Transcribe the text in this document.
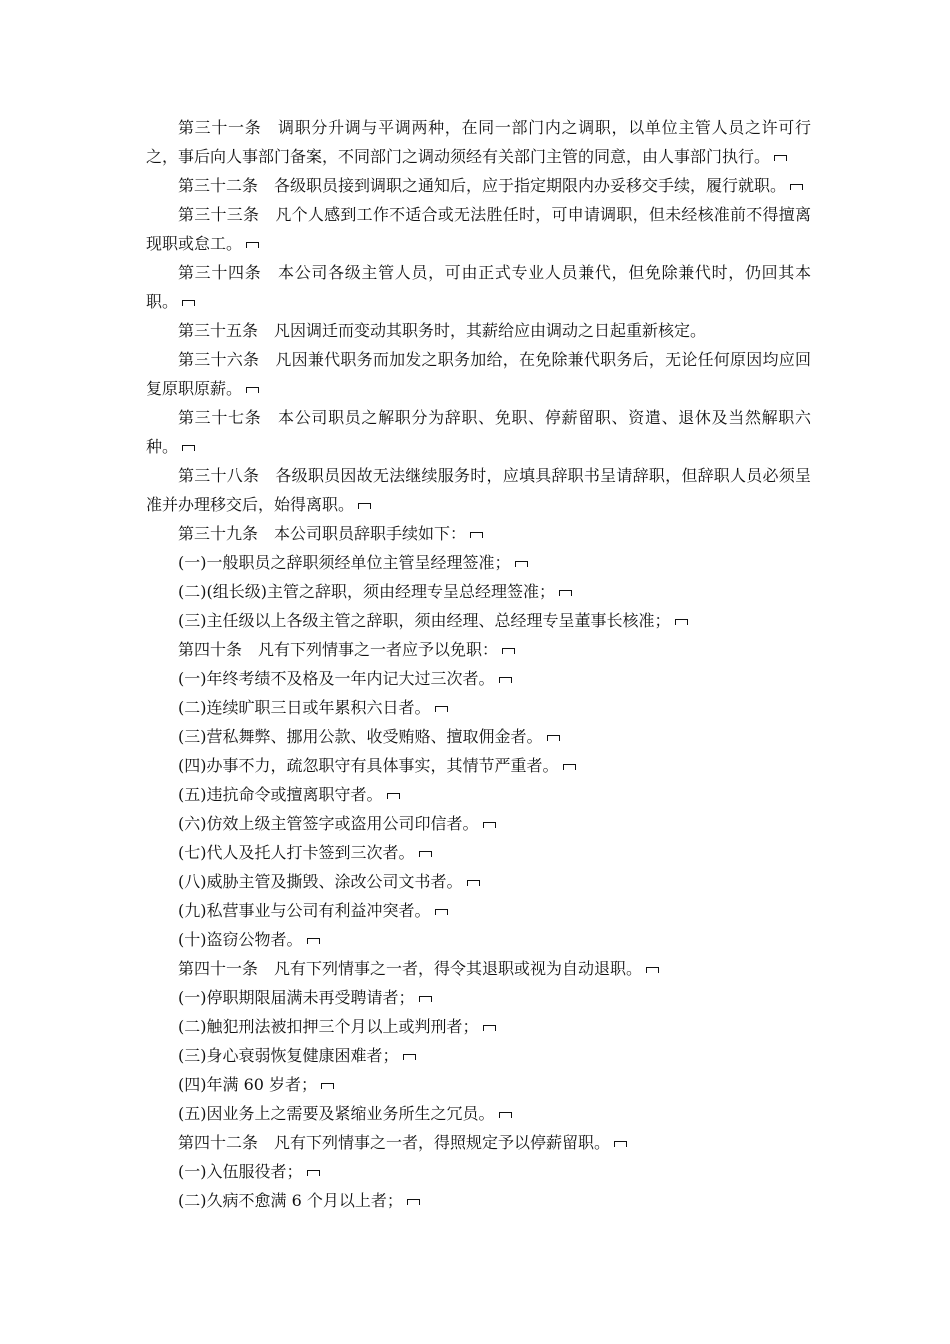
第三十一条　调职分升调与平调两种，在同一部门内之调职，以单位主管人员之许可行之，事后向人事部门备案，不同部门之调动须经有关部门主管的同意，由人事部门执行。

第三十二条　各级职员接到调职之通知后，应于指定期限内办妥移交手续，履行就职。

第三十三条　凡个人感到工作不适合或无法胜任时，可申请调职，但未经核准前不得擅离现职或怠工。

第三十四条　本公司各级主管人员，可由正式专业人员兼代，但免除兼代时，仍回其本职。

第三十五条　凡因调迁而变动其职务时，其薪给应由调动之日起重新核定。

第三十六条　凡因兼代职务而加发之职务加给，在免除兼代职务后，无论任何原因均应回复原职原薪。

第三十七条　本公司职员之解职分为辞职、免职、停薪留职、资遣、退休及当然解职六种。

第三十八条　各级职员因故无法继续服务时，应填具辞职书呈请辞职，但辞职人员必须呈准并办理移交后，始得离职。

第三十九条　本公司职员辞职手续如下：

(一)一般职员之辞职须经单位主管呈经理签准；

(二)(组长级)主管之辞职，须由经理专呈总经理签准；

(三)主任级以上各级主管之辞职，须由经理、总经理专呈董事长核准；

第四十条　凡有下列情事之一者应予以免职：

(一)年终考绩不及格及一年内记大过三次者。

(二)连续旷职三日或年累积六日者。

(三)营私舞弊、挪用公款、收受贿赂、擅取佣金者。

(四)办事不力，疏忽职守有具体事实，其情节严重者。

(五)违抗命令或擅离职守者。

(六)仿效上级主管签字或盗用公司印信者。

(七)代人及托人打卡签到三次者。

(八)威胁主管及撕毁、涂改公司文书者。

(九)私营事业与公司有利益冲突者。

(十)盗窃公物者。

第四十一条　凡有下列情事之一者，得令其退职或视为自动退职。

(一)停职期限届满未再受聘请者；

(二)触犯刑法被扣押三个月以上或判刑者；

(三)身心衰弱恢复健康困难者；

(四)年满 60 岁者；

(五)因业务上之需要及紧缩业务所生之冗员。

第四十二条　凡有下列情事之一者，得照规定予以停薪留职。

(一)入伍服役者；

(二)久病不愈满 6 个月以上者；
